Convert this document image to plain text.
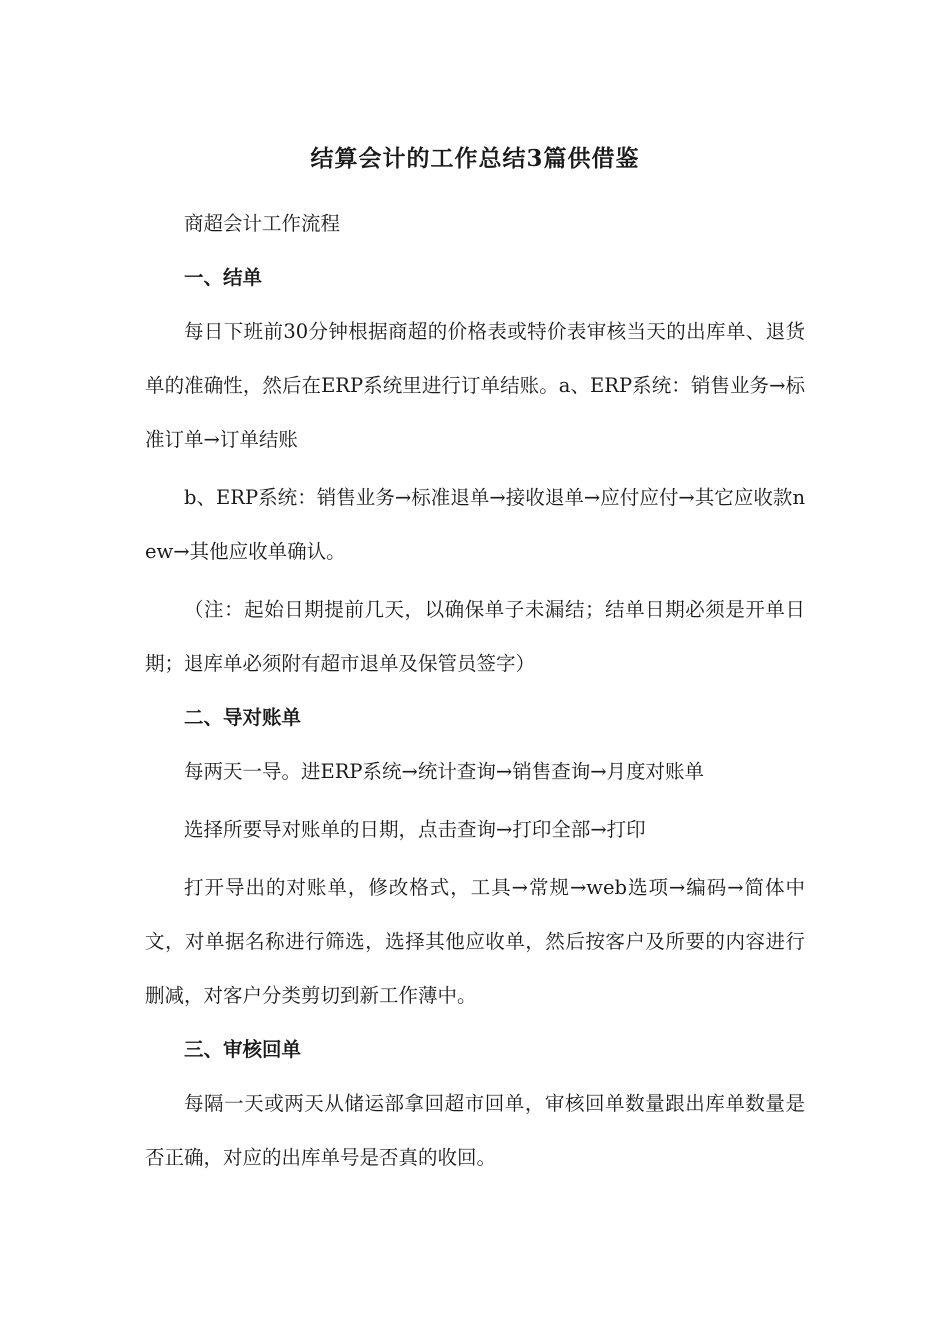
结算会计的工作总结3篇供借鉴

商超会计工作流程

一、结单

每日下班前30分钟根据商超的价格表或特价表审核当天的出库单、退货单的准确性，然后在ERP系统里进行订单结账。a、ERP系统：销售业务→标准订单→订单结账

b、ERP系统：销售业务→标准退单→接收退单→应付应付→其它应收款new→其他应收单确认。

（注：起始日期提前几天，以确保单子未漏结；结单日期必须是开单日期；退库单必须附有超市退单及保管员签字）

二、导对账单

每两天一导。进ERP系统→统计查询→销售查询→月度对账单

选择所要导对账单的日期，点击查询→打印全部→打印

打开导出的对账单，修改格式，工具→常规→web选项→编码→简体中文，对单据名称进行筛选，选择其他应收单，然后按客户及所要的内容进行删减，对客户分类剪切到新工作薄中。

三、审核回单

每隔一天或两天从储运部拿回超市回单，审核回单数量跟出库单数量是否正确，对应的出库单号是否真的收回。
